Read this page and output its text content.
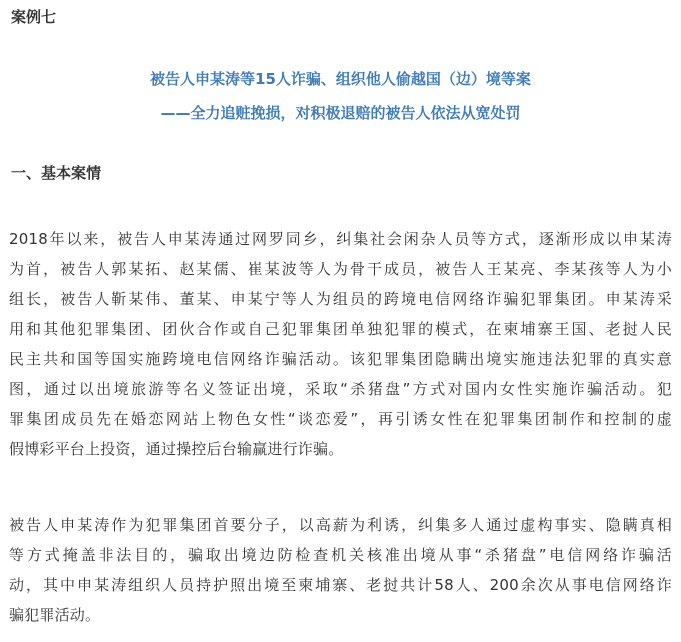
案例七

被告人申某涛等15人诈骗、组织他人偷越国（边）境等案

——全力追赃挽损，对积极退赔的被告人依法从宽处罚

一、基本案情

2018年以来，被告人申某涛通过网罗同乡，纠集社会闲杂人员等方式，逐渐形成以申某涛
为首，被告人郭某拓、赵某儒、崔某波等人为骨干成员，被告人王某亮、李某孩等人为小
组长，被告人靳某伟、董某、申某宁等人为组员的跨境电信网络诈骗犯罪集团。申某涛采
用和其他犯罪集团、团伙合作或自己犯罪集团单独犯罪的模式，在柬埔寨王国、老挝人民
民主共和国等国实施跨境电信网络诈骗活动。该犯罪集团隐瞒出境实施违法犯罪的真实意
图，通过以出境旅游等名义签证出境，采取“杀猪盘”方式对国内女性实施诈骗活动。犯
罪集团成员先在婚恋网站上物色女性“谈恋爱”，再引诱女性在犯罪集团制作和控制的虚
假博彩平台上投资，通过操控后台输赢进行诈骗。
被告人申某涛作为犯罪集团首要分子，以高薪为利诱，纠集多人通过虚构事实、隐瞒真相
等方式掩盖非法目的，骗取出境边防检查机关核准出境从事“杀猪盘”电信网络诈骗活
动，其中申某涛组织人员持护照出境至柬埔寨、老挝共计58人、200余次从事电信网络诈
骗犯罪活动。
